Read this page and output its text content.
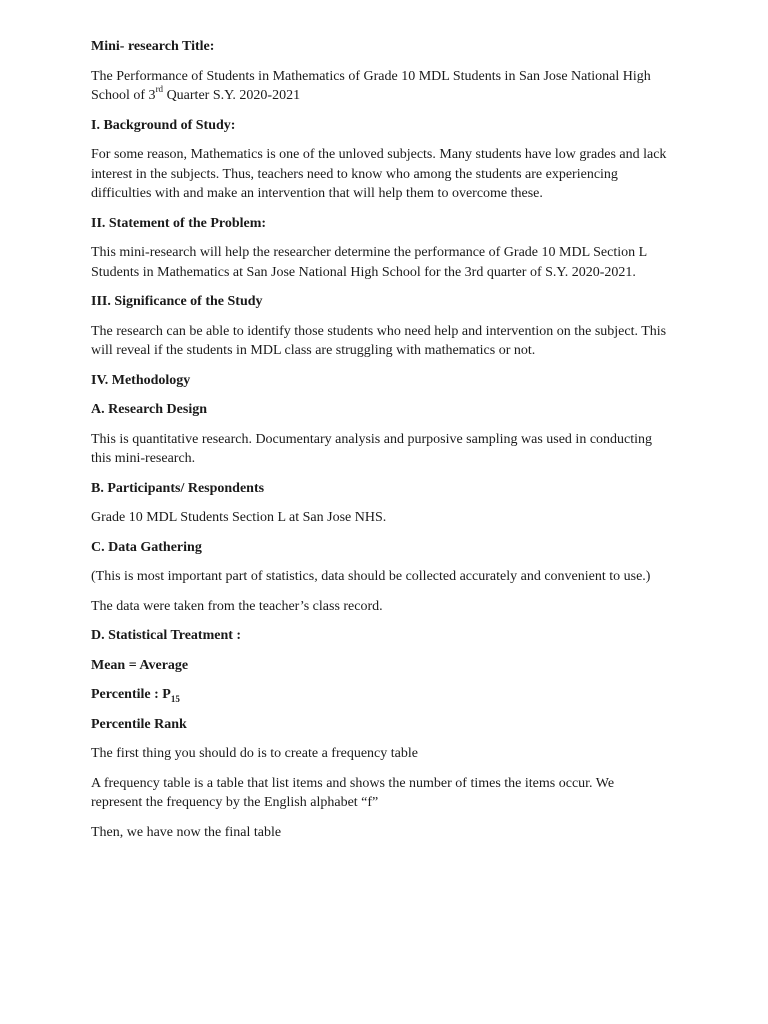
Mini- research Title:

The Performance of Students in Mathematics of Grade 10 MDL Students in San Jose National High School of 3rd Quarter S.Y. 2020-2021

I. Background of Study:

For some reason, Mathematics is one of the unloved subjects. Many students have low grades and lack interest in the subjects. Thus, teachers need to know who among the students are experiencing difficulties with and make an intervention that will help them to overcome these.

II. Statement of the Problem:

This mini-research will help the researcher determine the performance of Grade 10 MDL Section L Students in Mathematics at San Jose National High School for the 3rd quarter of S.Y. 2020-2021.

III. Significance of the Study

The research can be able to identify those students who need help and intervention on the subject. This will reveal if the students in MDL class are struggling with mathematics or not.

IV. Methodology

A. Research Design

This is quantitative research. Documentary analysis and purposive sampling was used in conducting this mini-research.

B. Participants/ Respondents

Grade 10 MDL Students Section L at San Jose NHS.

C. Data Gathering

(This is most important part of statistics, data should be collected accurately and convenient to use.)

The data were taken from the teacher’s class record.

D. Statistical Treatment :

Mean = Average

Percentile : $P_{15}$

Percentile Rank

The first thing you should do is to create a frequency table

A frequency table is a table that list items and shows the number of times the items occur. We represent the frequency by the English alphabet “f”

Then, we have now the final table
